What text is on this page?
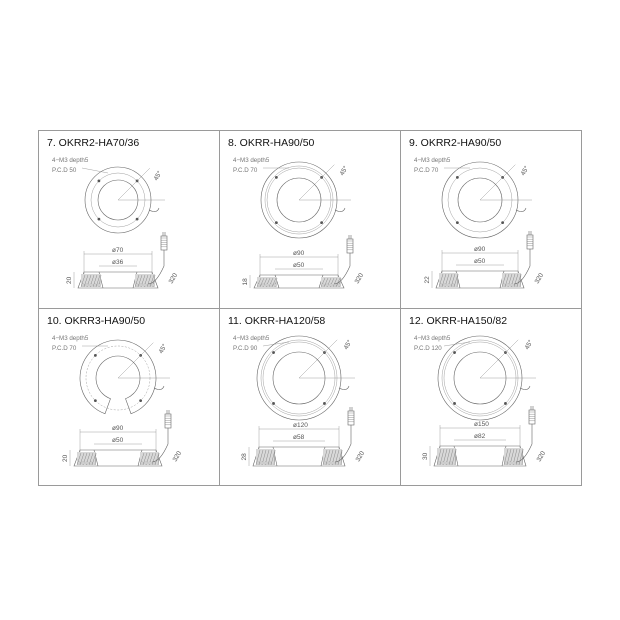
7. OKRR2-HA70/36
4−M3 depth5
P.C.D 50	45°
ø70
ø36
20	320
8. OKRR-HA90/50
4−M3 depth5
P.C.D 70	45°
ø90
ø50
18	320
9. OKRR2-HA90/50
4−M3 depth5
P.C.D 70	45°
ø90
ø50
22	320
10. OKRR3-HA90/50
4−M3 depth5
P.C.D 70	45°
ø90
ø50
20	320
11. OKRR-HA120/58
4−M3 depth5
P.C.D 90	45°
ø120
ø58
28	320
12. OKRR-HA150/82
4−M3 depth5
P.C.D 120	45°
ø150
ø82
30	320
